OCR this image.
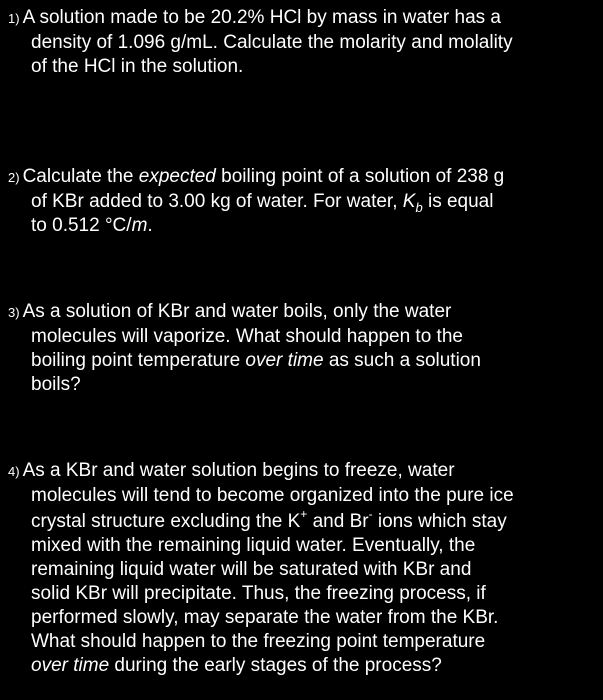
1) A solution made to be 20.2% HCl by mass in water has a
density of 1.096 g/mL. Calculate the molarity and molality
of the HCl in the solution.
2) Calculate the expected boiling point of a solution of 238 g
of KBr added to 3.00 kg of water. For water, $K_b$ is equal
to 0.512 °C/m.
3) As a solution of KBr and water boils, only the water
molecules will vaporize. What should happen to the
boiling point temperature over time as such a solution
boils?
4) As a KBr and water solution begins to freeze, water
molecules will tend to become organized into the pure ice
crystal structure excluding the K+ and Br- ions which stay
mixed with the remaining liquid water. Eventually, the
remaining liquid water will be saturated with KBr and
solid KBr will precipitate. Thus, the freezing process, if
performed slowly, may separate the water from the KBr.
What should happen to the freezing point temperature
over time during the early stages of the process?
